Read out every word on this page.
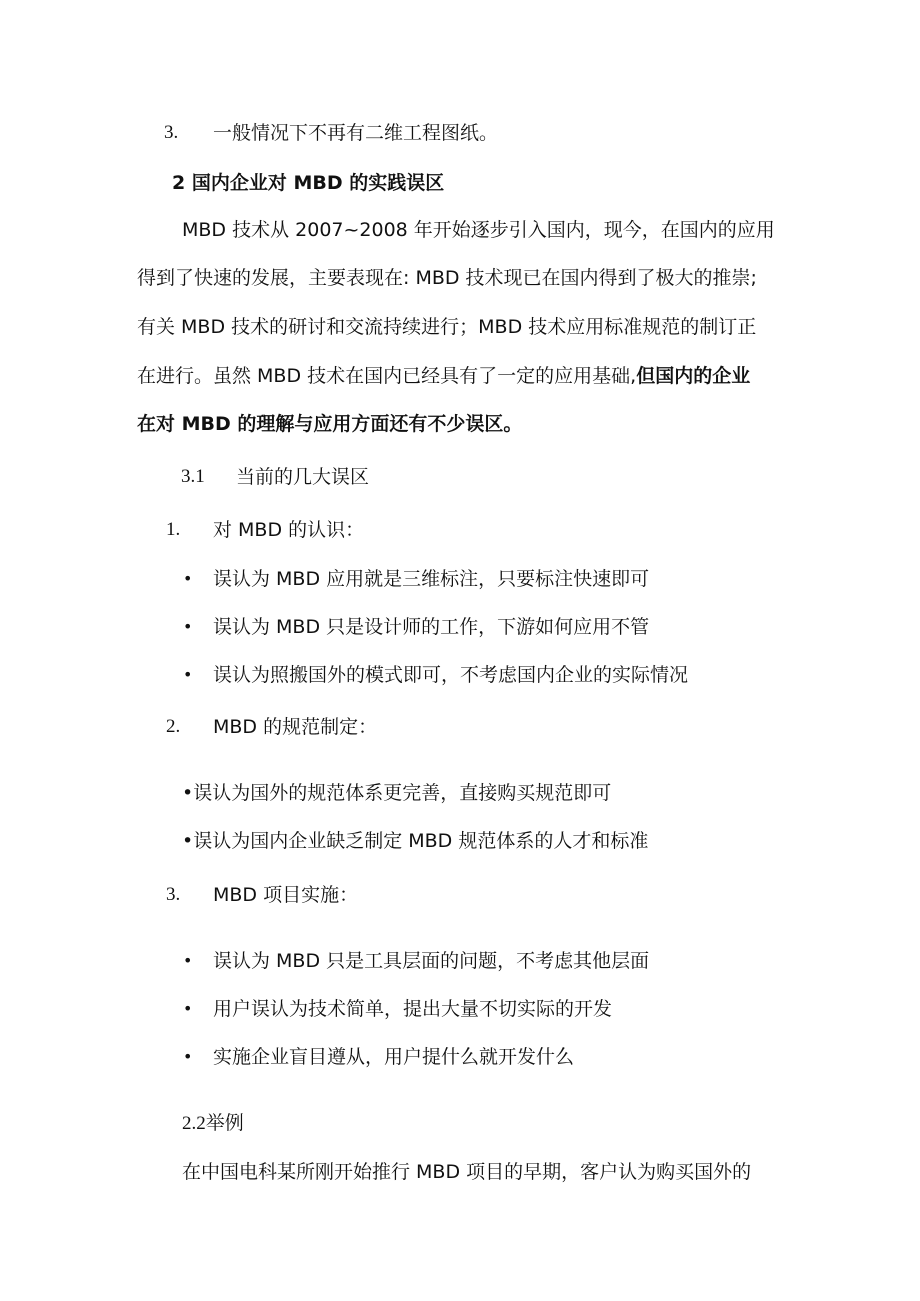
3. 一般情况下不再有二维工程图纸。
2 国内企业对 MBD 的实践误区
MBD 技术从 2007~2008 年开始逐步引入国内，现今，在国内的应用
得到了快速的发展，主要表现在: MBD 技术现已在国内得到了极大的推崇;
有关 MBD 技术的研讨和交流持续进行；MBD 技术应用标准规范的制订正
在进行。虽然 MBD 技术在国内已经具有了一定的应用基础,但国内的企业
在对 MBD 的理解与应用方面还有不少误区。
3.1 当前的几大误区
1. 对 MBD 的认识：
• 误认为 MBD 应用就是三维标注，只要标注快速即可
• 误认为 MBD 只是设计师的工作，下游如何应用不管
• 误认为照搬国外的模式即可，不考虑国内企业的实际情况
2. MBD 的规范制定：
•误认为国外的规范体系更完善，直接购买规范即可
•误认为国内企业缺乏制定 MBD 规范体系的人才和标准
3. MBD 项目实施：
• 误认为 MBD 只是工具层面的问题，不考虑其他层面
• 用户误认为技术简单，提出大量不切实际的开发
• 实施企业盲目遵从，用户提什么就开发什么
2.2举例
在中国电科某所刚开始推行 MBD 项目的早期，客户认为购买国外的
